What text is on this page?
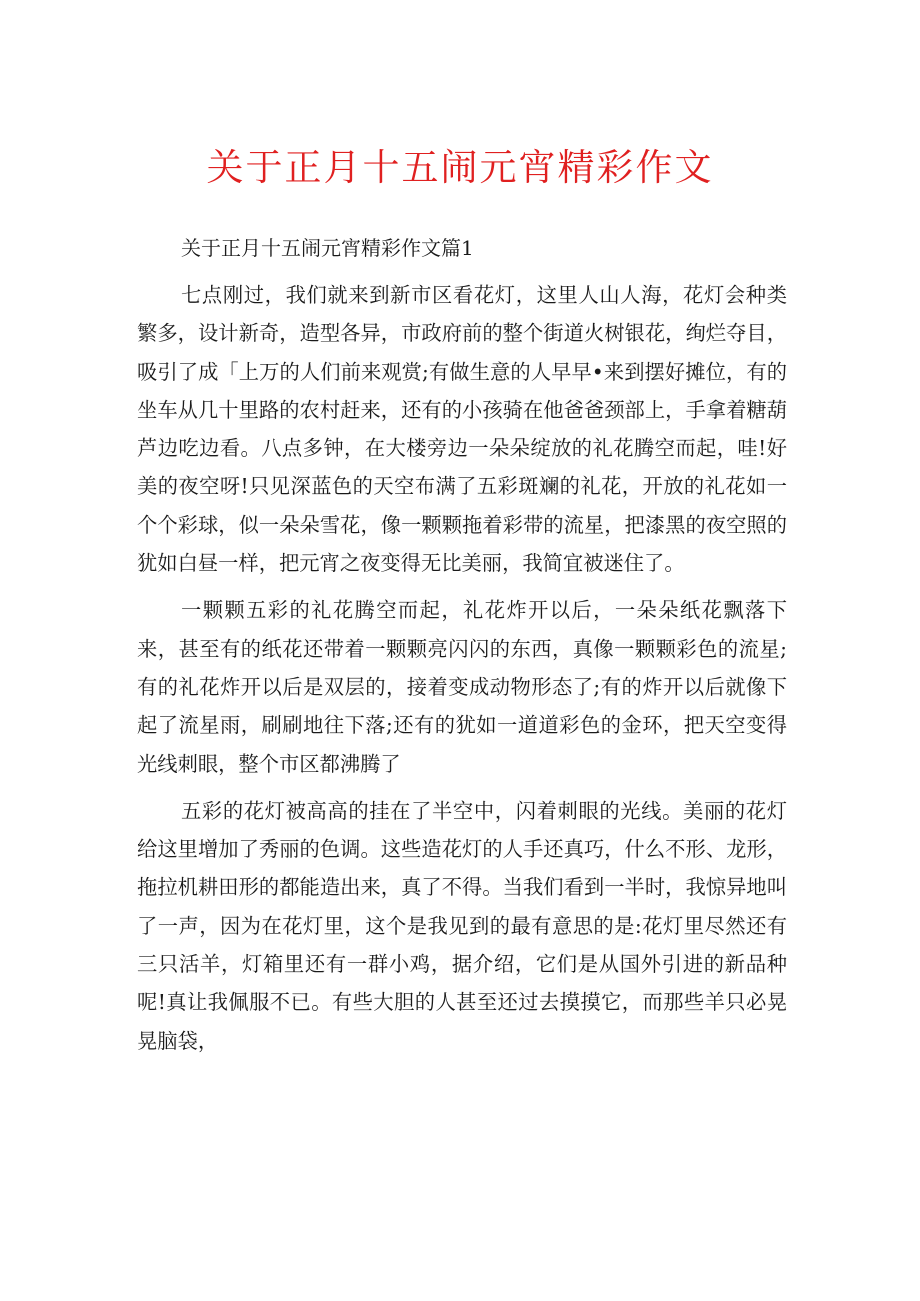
关于正月十五闹元宵精彩作文

关于正月十五闹元宵精彩作文篇1

七点刚过，我们就来到新市区看花灯，这里人山人海，花灯会种类繁多，设计新奇，造型各异，市政府前的整个街道火树银花，绚烂夺目，吸引了成「上万的人们前来观赏;有做生意的人早早•来到摆好摊位，有的坐车从几十里路的农村赶来，还有的小孩骑在他爸爸颈部上，手拿着糖葫芦边吃边看。八点多钟，在大楼旁边一朵朵绽放的礼花腾空而起，哇!好美的夜空呀!只见深蓝色的天空布满了五彩斑斓的礼花，开放的礼花如一个个彩球，似一朵朵雪花，像一颗颗拖着彩带的流星，把漆黑的夜空照的犹如白昼一样，把元宵之夜变得无比美丽，我简宜被迷住了。

一颗颗五彩的礼花腾空而起，礼花炸开以后，一朵朵纸花飘落下来，甚至有的纸花还带着一颗颗亮闪闪的东西，真像一颗颗彩色的流星;有的礼花炸开以后是双层的，接着变成动物形态了;有的炸开以后就像下起了流星雨，刷刷地往下落;还有的犹如一道道彩色的金环，把天空变得光线刺眼，整个市区都沸腾了

五彩的花灯被高高的挂在了半空中，闪着刺眼的光线。美丽的花灯给这里增加了秀丽的色调。这些造花灯的人手还真巧，什么不形、龙形，拖拉机耕田形的都能造出来，真了不得。当我们看到一半时，我惊异地叫了一声，因为在花灯里，这个是我见到的最有意思的是:花灯里尽然还有三只活羊，灯箱里还有一群小鸡，据介绍，它们是从国外引进的新品种呢!真让我佩服不已。有些大胆的人甚至还过去摸摸它，而那些羊只必晃晃脑袋，
